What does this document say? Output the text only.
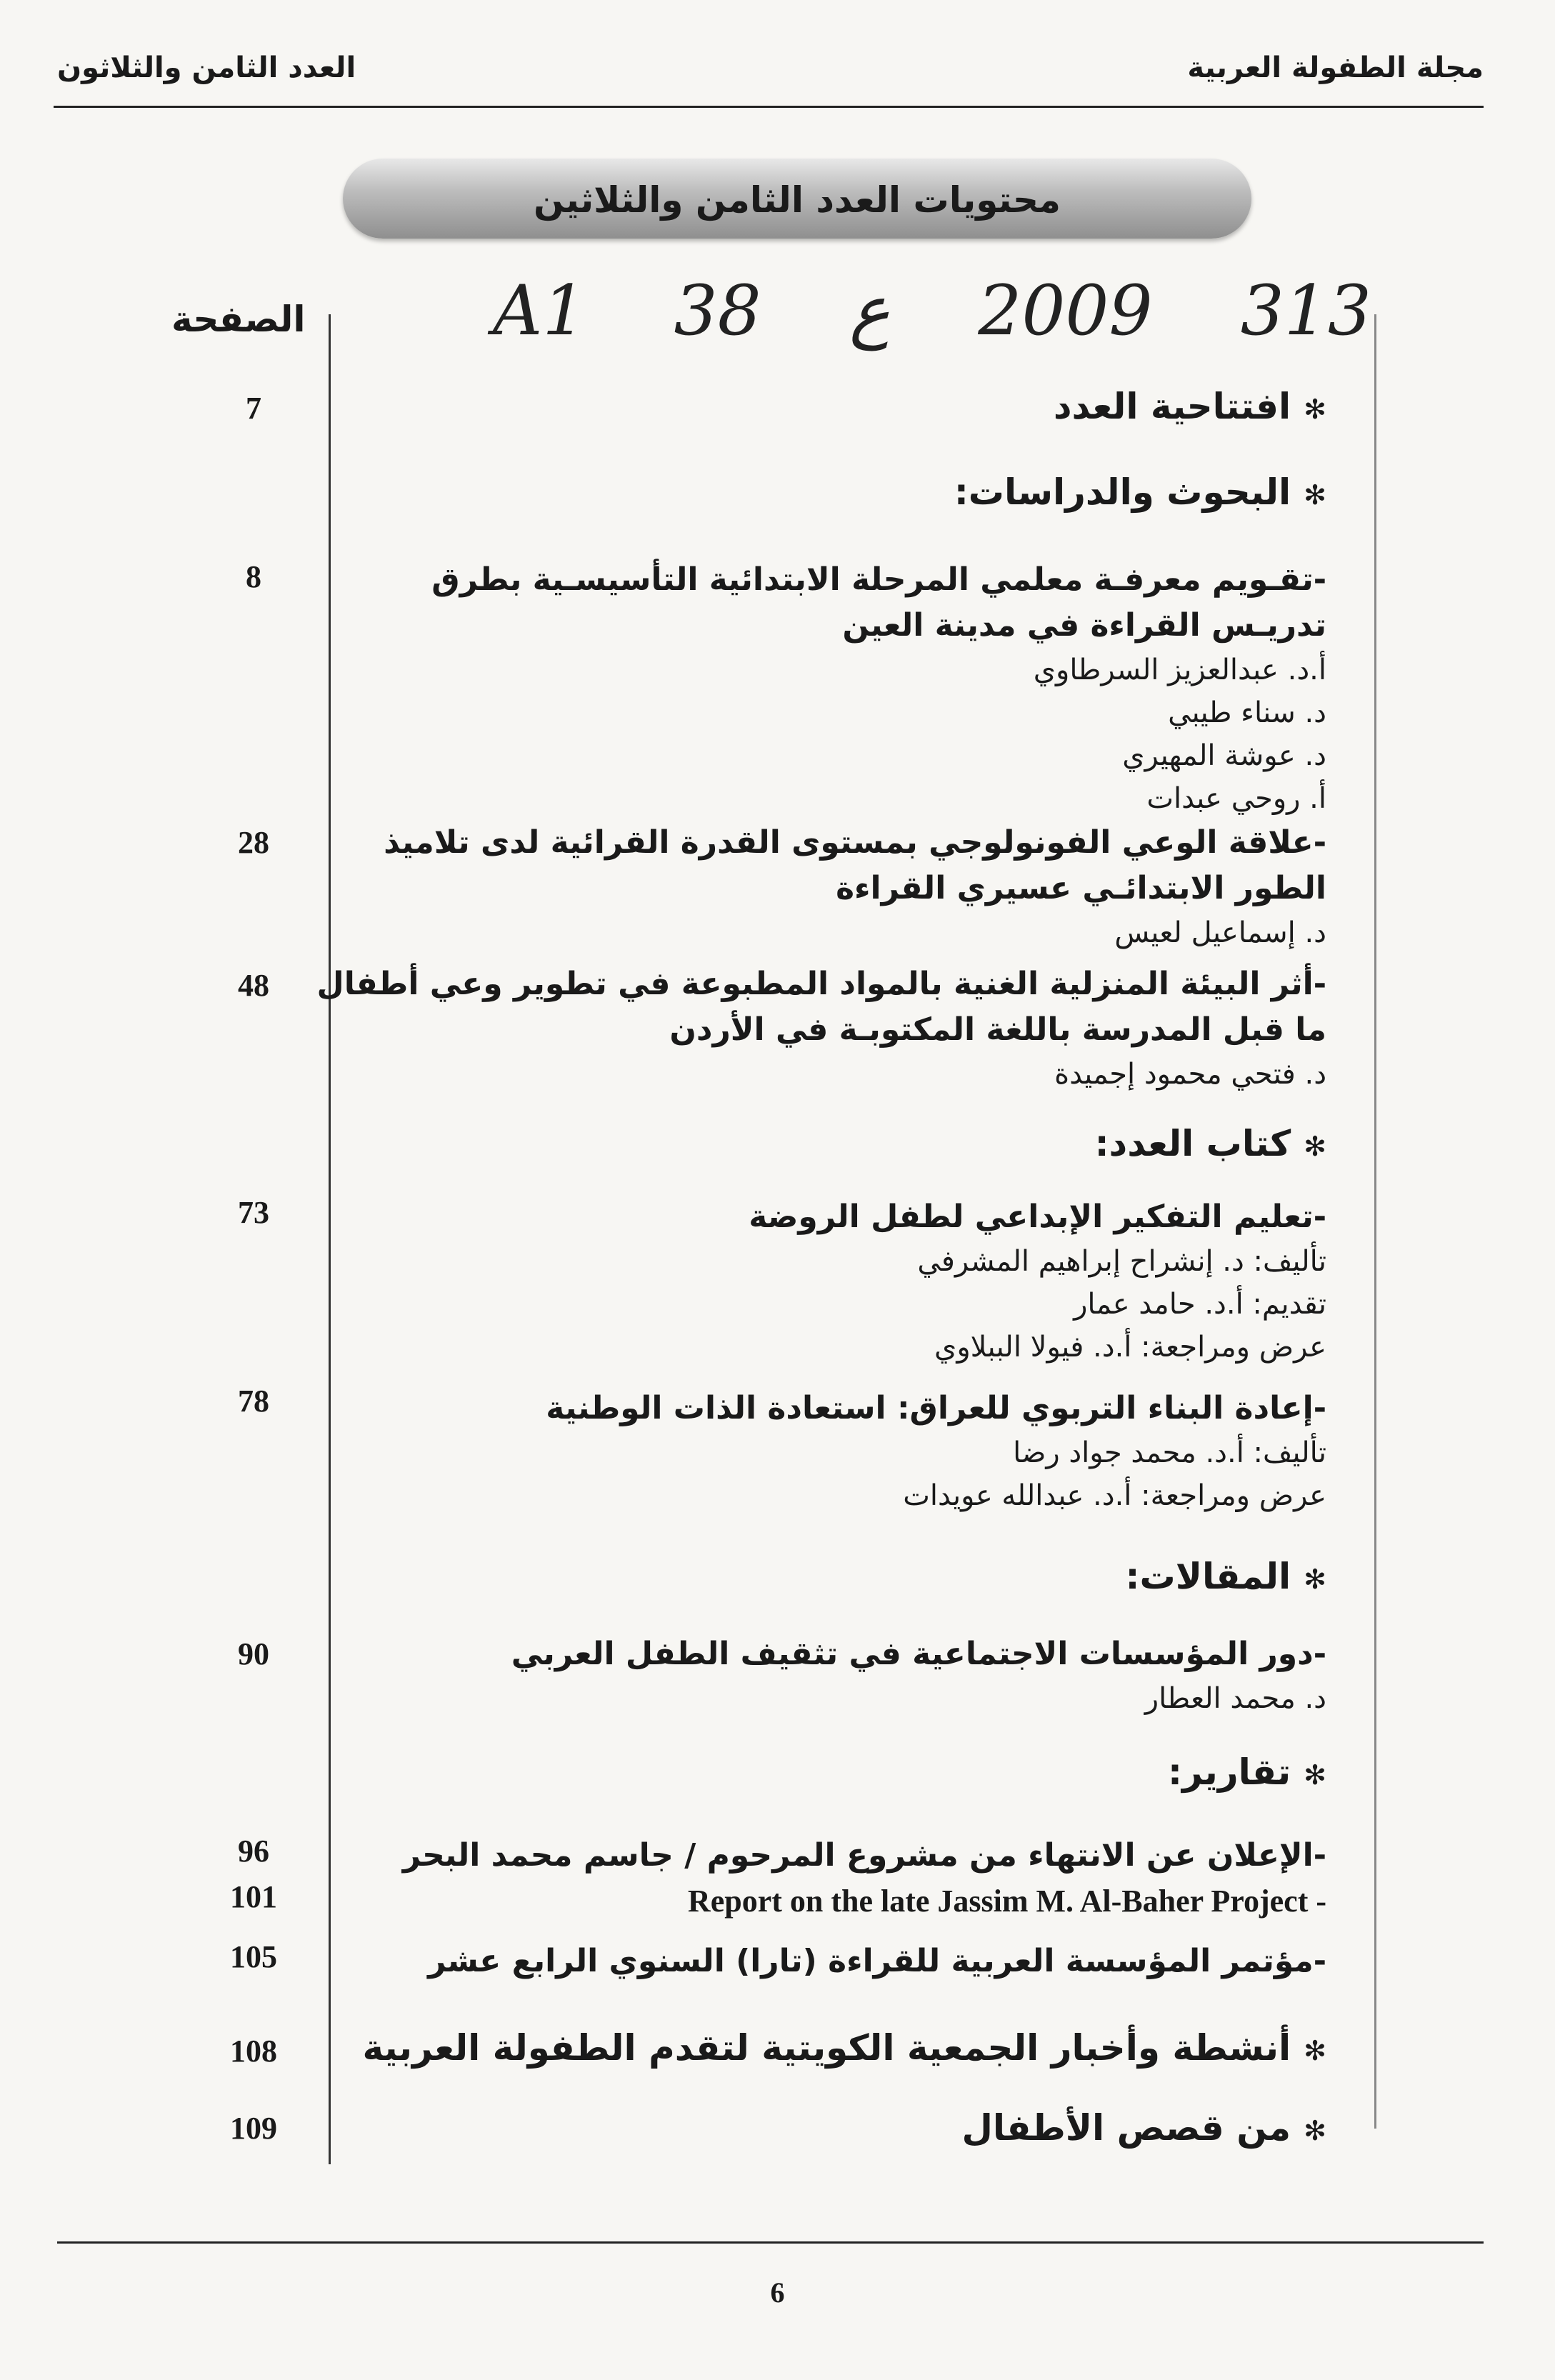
مجلة الطفولة العربية
العدد الثامن والثلاثون
محتويات العدد الثامن والثلاثين
A1 38 ع 2009 313
الصفحة
✻افتتاحية العدد
✻البحوث والدراسات:
✻كتاب العدد:
✻المقالات:
✻تقارير:
✻أنشطة وأخبار الجمعية الكويتية لتقدم الطفولة العربية
✻من قصص الأطفال
-تقـويم معرفـة معلمي المرحلة الابتدائية التأسيسـية بطرق تدريـس القراءة في مدينة العين
أ.د. عبدالعزيز السرطاوي
د. سناء طيبي
د. عوشة المهيري
أ. روحي عبدات
-علاقة الوعي الفونولوجي بمستوى القدرة القرائية لدى تلاميذ الطور الابتدائـي عسيري القراءة
د. إسماعيل لعيس
-أثر البيئة المنزلية الغنية بالمواد المطبوعة في تطوير وعي أطفال ما قبل المدرسة باللغة المكتوبـة في الأردن
د. فتحي محمود إجميدة
-تعليم التفكير الإبداعي لطفل الروضة
تأليف: د. إنشراح إبراهيم المشرفي
تقديم: أ.د. حامد عمار
عرض ومراجعة: أ.د. فيولا الببلاوي
-إعادة البناء التربوي للعراق: استعادة الذات الوطنية
تأليف: أ.د. محمد جواد رضا
عرض ومراجعة: أ.د. عبدالله عويدات
-دور المؤسسات الاجتماعية في تثقيف الطفل العربي
د. محمد العطار
-الإعلان عن الانتهاء من مشروع المرحوم / جاسم محمد البحر
Report on the late Jassim M. Al-Baher Project -
-مؤتمر المؤسسة العربية للقراءة (تارا) السنوي الرابع عشر
7
8
28
48
73
78
90
96
101
105
108
109
6
